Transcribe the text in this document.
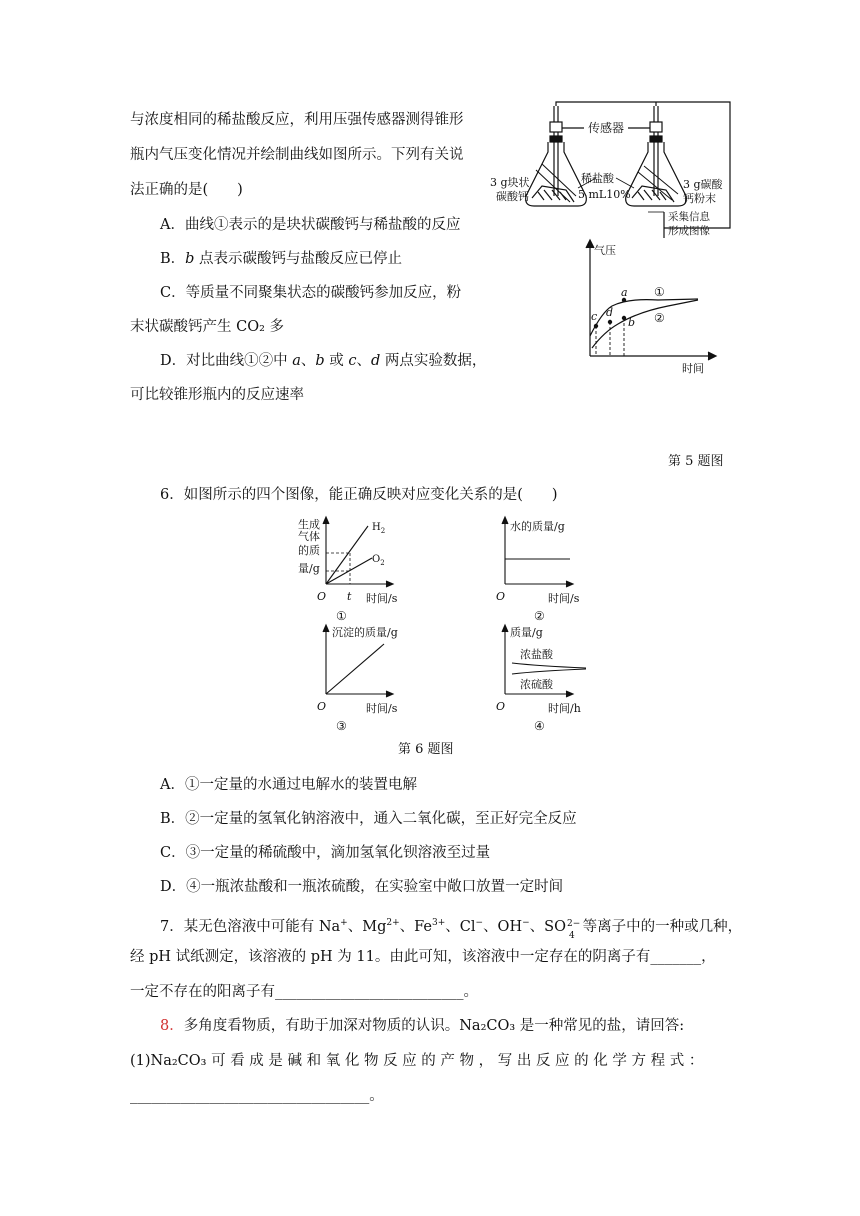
与浓度相同的稀盐酸反应，利用压强传感器测得锥形
瓶内气压变化情况并绘制曲线如图所示。下列有关说
法正确的是(　　)
A．曲线①表示的是块状碳酸钙与稀盐酸的反应
B．b 点表示碳酸钙与盐酸反应已停止
C．等质量不同聚集状态的碳酸钙参加反应，粉
末状碳酸钙产生 CO₂ 多
D．对比曲线①②中 a、b 或 c、d 两点实验数据，
可比较锥形瓶内的反应速率
第 5 题图
传感器
3 g块状
碳酸钙
稀盐酸
5 mL10%
3 g碳酸
钙粉末
采集信息
形成图像
气压
时间
a
b
c d
①
②
6．如图所示的四个图像，能正确反映对应变化关系的是(　　)
生成
气体
的质
量/g
$H_2$
$O_2$
O t 时间/s
①
水的质量/g
O	时间/s
②
沉淀的质量/g
O	时间/s
③
质量/g
浓盐酸
浓硫酸
O	时间/h
④
第 6 题图
A．①一定量的水通过电解水的装置电解
B．②一定量的氢氧化钠溶液中，通入二氧化碳，至正好完全反应
C．③一定量的稀硫酸中，滴加氢氧化钡溶液至过量
D．④一瓶浓盐酸和一瓶浓硫酸，在实验室中敞口放置一定时间
7．某无色溶液中可能有 Na+、$Mg^{2+}$、$Fe^{3+}$、Cl−、OH−、SO 2−
4
等离子中的一种或几种，
经 pH 试纸测定，该溶液的 pH 为 11。由此可知，该溶液中一定存在的阴离子有_______，
一定不存在的阳离子有__________________________。
8．多角度看物质，有助于加深对物质的认识。Na₂CO₃ 是一种常见的盐，请回答:
(1)Na₂CO₃ 可 看 成 是 碱 和 氧 化 物 反 应 的 产 物 ， 写 出 反 应 的 化 学 方 程 式 ：
_________________________________。
